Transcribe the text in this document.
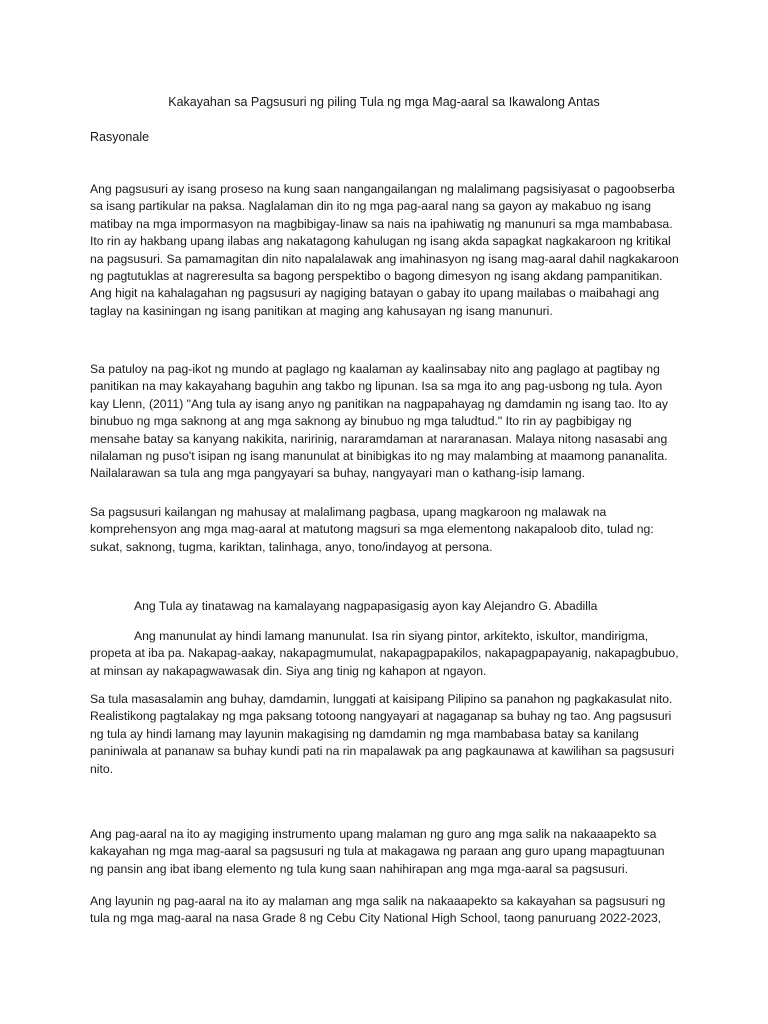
Kakayahan sa Pagsusuri ng piling Tula ng mga Mag-aaral sa Ikawalong Antas
Rasyonale

Ang pagsusuri ay isang proseso na kung saan nangangailangan ng malalimang pagsisiyasat o pagoobserba sa isang partikular na paksa. Naglalaman din ito ng mga pag-aaral nang sa gayon ay makabuo ng isang matibay na mga impormasyon na magbibigay-linaw sa nais na ipahiwatig ng manunuri sa mga mambabasa. Ito rin ay hakbang upang ilabas ang nakatagong kahulugan ng isang akda sapagkat nagkakaroon ng kritikal na pagsusuri. Sa pamamagitan din nito napalalawak ang imahinasyon ng isang mag-aaral dahil nagkakaroon ng pagtutuklas at nagreresulta sa bagong perspektibo o bagong dimesyon ng isang akdang pampanitikan. Ang higit na kahalagahan ng pagsusuri ay nagiging batayan o gabay ito upang mailabas o maibahagi ang taglay na kasiningan ng isang panitikan at maging ang kahusayan ng isang manunuri.

Sa patuloy na pag-ikot ng mundo at paglago ng kaalaman ay kaalinsabay nito ang paglago at pagtibay ng panitikan na may kakayahang baguhin ang takbo ng lipunan. Isa sa mga ito ang pag-usbong ng tula. Ayon kay Llenn, (2011) "Ang tula ay isang anyo ng panitikan na nagpapahayag ng damdamin ng isang tao. Ito ay binubuo ng mga saknong at ang mga saknong ay binubuo ng mga taludtud." Ito rin ay pagbibigay ng mensahe batay sa kanyang nakikita, naririnig, nararamdaman at nararanasan. Malaya nitong nasasabi ang nilalaman ng puso't isipan ng isang manunulat at binibigkas ito ng may malambing at maamong pananalita. Nailalarawan sa tula ang mga pangyayari sa buhay, nangyayari man o kathang-isip lamang.

Sa pagsusuri kailangan ng mahusay at malalimang pagbasa, upang magkaroon ng malawak na komprehensyon ang mga mag-aaral at matutong magsuri sa mga elementong nakapaloob dito, tulad ng: sukat, saknong, tugma, kariktan, talinhaga, anyo, tono/indayog at persona.

Ang Tula ay tinatawag na kamalayang nagpapasigasig ayon kay Alejandro G. Abadilla

Ang manunulat ay hindi lamang manunulat. Isa rin siyang pintor, arkitekto, iskultor, mandirigma, propeta at iba pa. Nakapag-aakay, nakapagmumulat, nakapagpapakilos, nakapagpapayanig, nakapagbubuo, at minsan ay nakapagwawasak din. Siya ang tinig ng kahapon at ngayon.

Sa tula masasalamin ang buhay, damdamin, lunggati at kaisipang Pilipino sa panahon ng pagkakasulat nito. Realistikong pagtalakay ng mga paksang totoong nangyayari at nagaganap sa buhay ng tao. Ang pagsusuri ng tula ay hindi lamang may layunin makagising ng damdamin ng mga mambabasa batay sa kanilang paniniwala at pananaw sa buhay kundi pati na rin mapalawak pa ang pagkaunawa at kawilihan sa pagsusuri nito.

Ang pag-aaral na ito ay magiging instrumento upang malaman ng guro ang mga salik na nakaaapekto sa kakayahan ng mga mag-aaral sa pagsusuri ng tula at makagawa ng paraan ang guro upang mapagtuunan ng pansin ang ibat ibang elemento ng tula kung saan nahihirapan ang mga mga-aaral sa pagsusuri.

Ang layunin ng pag-aaral na ito ay malaman ang mga salik na nakaaapekto sa kakayahan sa pagsusuri ng tula ng mga mag-aaral na nasa Grade 8 ng Cebu City National High School, taong panuruang 2022-2023,
